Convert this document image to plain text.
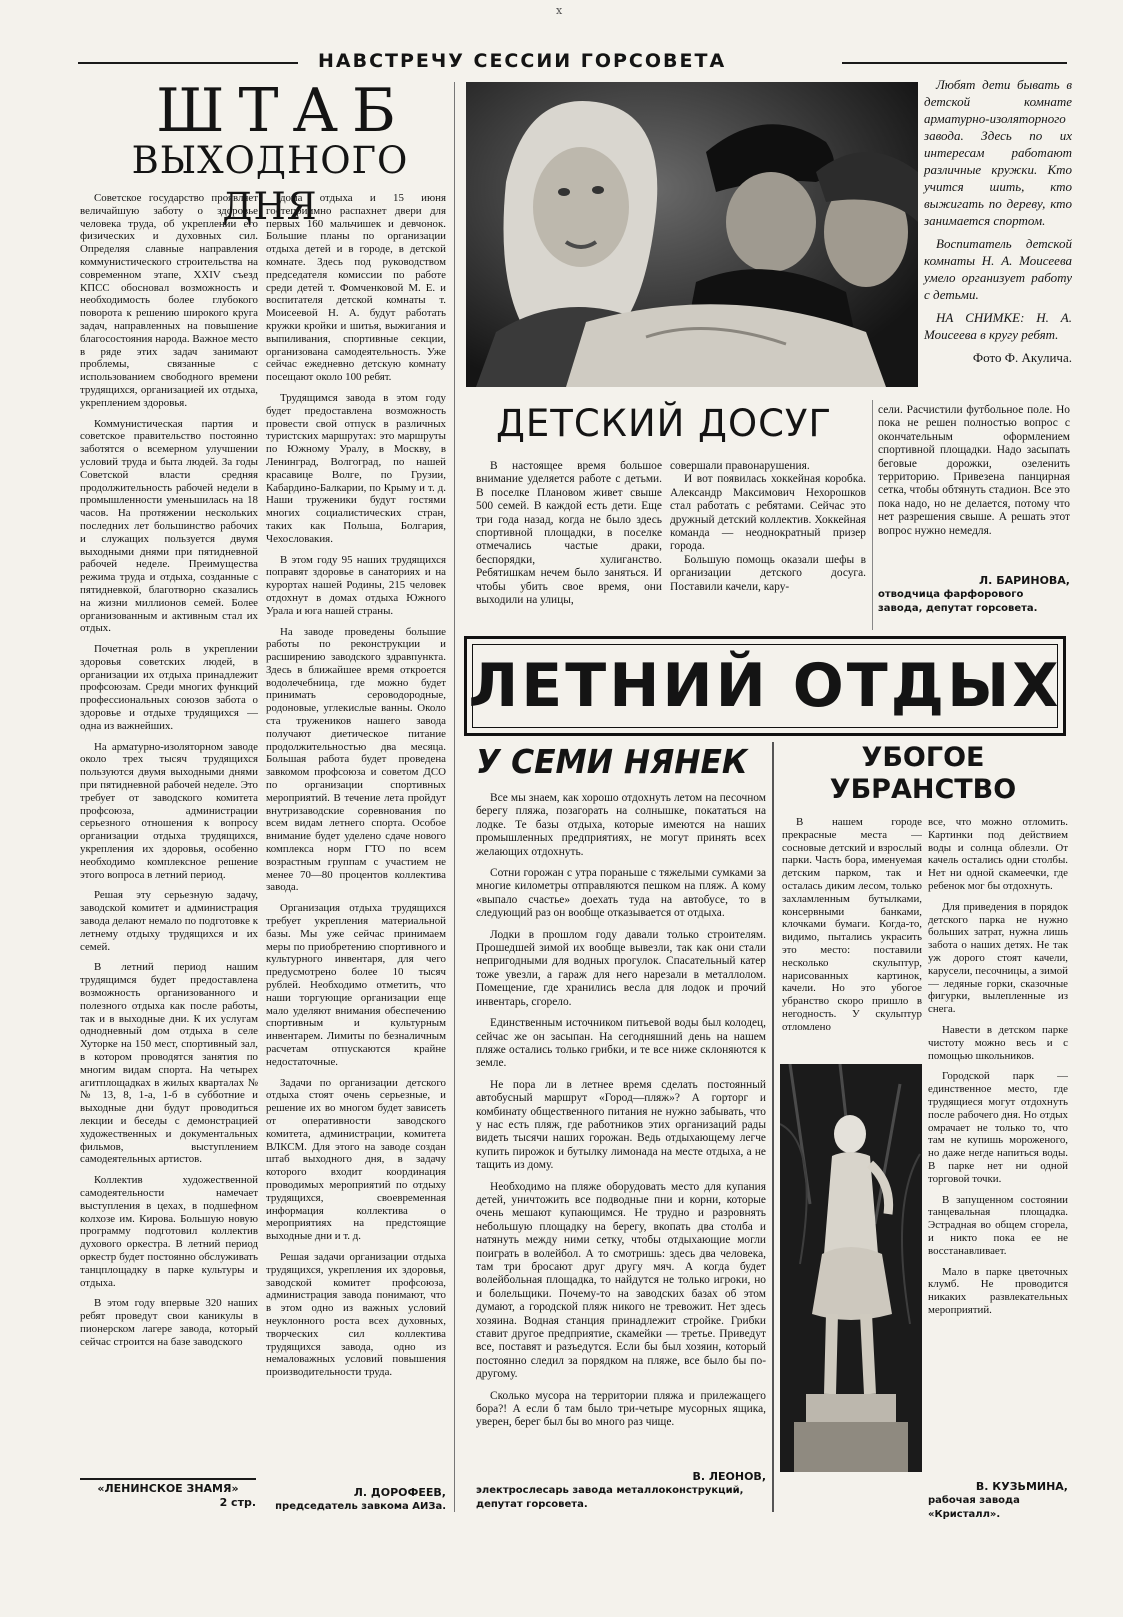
х
НАВСТРЕЧУ СЕССИИ ГОРСОВЕТА
ШТАБ
ВЫХОДНОГО ДНЯ

Советское государство проявляет величайшую заботу о здоровье человека труда, об укреплении его физических и духовных сил. Определяя славные направления коммунистического строительства на современном этапе, XXIV съезд КПСС обосновал возможность и необходимость более глубокого поворота к решению широкого круга задач, направленных на повышение благосостояния народа. Важное место в ряде этих задач занимают проблемы, связанные с использованием свободного времени трудящихся, организацией их отдыха, укреплением здоровья.

Коммунистическая партия и советское правительство постоянно заботятся о всемерном улучшении условий труда и быта людей. За годы Советской власти средняя продолжительность рабочей недели в промышленности уменьшилась на 18 часов. На протяжении нескольких последних лет большинство рабочих и служащих пользуется двумя выходными днями при пятидневной рабочей неделе. Преимущества режима труда и отдыха, созданные с пятидневкой, благотворно сказались на жизни миллионов семей. Более организованным и активным стал их отдых.

Почетная роль в укреплении здоровья советских людей, в организации их отдыха принадлежит профсоюзам. Среди многих функций профессиональных союзов забота о здоровье и отдыхе трудящихся — одна из важнейших.

На арматурно-изоляторном заводе около трех тысяч трудящихся пользуются двумя выходными днями при пятидневной рабочей неделе. Это требует от заводского комитета профсоюза, администрации серьезного отношения к вопросу организации отдыха трудящихся, укрепления их здоровья, особенно необходимо комплексное решение этого вопроса в летний период.

Решая эту серьезную задачу, заводской комитет и администрация завода делают немало по подготовке к летнему отдыху трудящихся и их семей.

В летний период нашим трудящимся будет предоставлена возможность организованного и полезного отдыха как после работы, так и в выходные дни. К их услугам однодневный дом отдыха в селе Хуторке на 150 мест, спортивный зал, в котором проводятся занятия по многим видам спорта. На четырех агитплощадках в жилых кварталах №№ 13, 8, 1-а, 1-б в субботние и выходные дни будут проводиться лекции и беседы с демонстрацией художественных и документальных фильмов, выступлением самодеятельных артистов.

Коллектив художественной самодеятельности намечает выступления в цехах, в подшефном колхозе им. Кирова. Большую новую программу подготовил коллектив духового оркестра. В летний период оркестр будет постоянно обслуживать танцплощадку в парке культуры и отдыха.

В этом году впервые 320 наших ребят проведут свои каникулы в пионерском лагере завода, который сейчас строится на базе заводского

дома отдыха и 15 июня гостеприимно распахнет двери для первых 160 мальчишек и девчонок. Большие планы по организации отдыха детей и в городе, в детской комнате. Здесь под руководством председателя комиссии по работе среди детей т. Фомченковой М. Е. и воспитателя детской комнаты т. Моисеевой Н. А. будут работать кружки кройки и шитья, выжигания и выпиливания, спортивные секции, организована самодеятельность. Уже сейчас ежедневно детскую комнату посещают около 100 ребят.

Трудящимся завода в этом году будет предоставлена возможность провести свой отпуск в различных туристских маршрутах: это маршруты по Южному Уралу, в Москву, в Ленинград, Волгоград, по нашей красавице Волге, по Грузии, Кабардино-Балкарии, по Крыму и т. д. Наши труженики будут гостями многих социалистических стран, таких как Польша, Болгария, Чехословакия.

В этом году 95 наших трудящихся поправят здоровье в санаториях и на курортах нашей Родины, 215 человек отдохнут в домах отдыха Южного Урала и юга нашей страны.

На заводе проведены большие работы по реконструкции и расширению заводского здравпункта. Здесь в ближайшее время откроется водолечебница, где можно будет принимать сероводородные, родоновые, углекислые ванны. Около ста тружеников нашего завода получают диетическое питание продолжительностью два месяца. Большая работа будет проведена завкомом профсоюза и советом ДСО по организации спортивных мероприятий. В течение лета пройдут внутризаводские соревнования по всем видам летнего спорта. Особое внимание будет уделено сдаче нового комплекса норм ГТО по всем возрастным группам с участием не менее 70—80 процентов коллектива завода.

Организация отдыха трудящихся требует укрепления материальной базы. Мы уже сейчас принимаем меры по приобретению спортивного и культурного инвентаря, для чего предусмотрено более 10 тысяч рублей. Необходимо отметить, что наши торгующие организации еще мало уделяют внимания обеспечению спортивным и культурным инвентарем. Лимиты по безналичным расчетам отпускаются крайне недостаточные.

Задачи по организации детского отдыха стоят очень серьезные, и решение их во многом будет зависеть от оперативности заводского комитета, администрации, комитета ВЛКСМ. Для этого на заводе создан штаб выходного дня, в задачу которого входит координация проводимых мероприятий по отдыху трудящихся, своевременная информация коллектива о мероприятиях на предстоящие выходные дни и т. д.

Решая задачи организации отдыха трудящихся, укрепления их здоровья, заводской комитет профсоюза, администрация завода понимают, что в этом одно из важных условий неуклонного роста всех духовных, творческих сил коллектива трудящихся завода, одно из немаловажных условий повышения производительности труда.

«ЛЕНИНСКОЕ ЗНАМЯ»
2 стр.
Л. ДОРОФЕЕВ,
председатель завкома АИЗа.

Любят дети бывать в детской комнате арматурно-изоляторного завода. Здесь по их интересам работают различные кружки. Кто учится шить, кто выжигать по дереву, кто занимается спортом.

Воспитатель детской комнаты Н. А. Моисеева умело организует работу с детьми.

НА СНИМКЕ: Н. А. Моисеева в кругу ребят.

Фото Ф. Акулича.
ДЕТСКИЙ ДОСУГ

В настоящее время большое внимание уделяется работе с детьми. В поселке Плановом живет свыше 500 семей. В каждой есть дети. Еще три года назад, когда не было здесь спортивной площадки, в поселке отмечались частые драки, беспорядки, хулиганство. Ребятишкам нечем было заняться. И чтобы убить свое время, они выходили на улицы,

совершали правонарушения.

И вот появилась хоккейная коробка. Александр Максимович Нехорошков стал работать с ребятами. Сейчас это дружный детский коллектив. Хоккейная команда — неоднократный призер города.

Большую помощь оказали шефы в организации детского досуга. Поставили качели, кару-

сели. Расчистили футбольное поле. Но пока не решен полностью вопрос с окончательным оформлением спортивной площадки. Надо засыпать беговые дорожки, озеленить территорию. Привезена панцирная сетка, чтобы обтянуть стадион. Все это пока надо, но не делается, потому что нет разрешения свыше. А решать этот вопрос нужно немедля.

Л. БАРИНОВА,
отводчица фарфорового завода, депутат горсовета.
ЛЕТНИЙ ОТДЫХ
У СЕМИ НЯНЕК

Все мы знаем, как хорошо отдохнуть летом на песочном берегу пляжа, позагорать на солнышке, покататься на лодке. Те базы отдыха, которые имеются на наших промышленных предприятиях, не могут принять всех желающих отдохнуть.

Сотни горожан с утра пораньше с тяжелыми сумками за многие километры отправляются пешком на пляж. А кому «выпало счастье» доехать туда на автобусе, то в следующий раз он вообще отказывается от отдыха.

Лодки в прошлом году давали только строителям. Прошедшей зимой их вообще вывезли, так как они стали непригодными для водных прогулок. Спасательный катер тоже увезли, а гараж для него нарезали в металлолом. Помещение, где хранились весла для лодок и прочий инвентарь, сгорело.

Единственным источником питьевой воды был колодец, сейчас же он засыпан. На сегодняшний день на нашем пляже остались только грибки, и те все ниже склоняются к земле.

Не пора ли в летнее время сделать постоянный автобусный маршрут «Город—пляж»? А горторг и комбинату общественного питания не нужно забывать, что у нас есть пляж, где работников этих организаций рады видеть тысячи наших горожан. Ведь отдыхающему легче купить пирожок и бутылку лимонада на месте отдыха, а не тащить из дому.

Необходимо на пляже оборудовать место для купания детей, уничтожить все подводные пни и корни, которые очень мешают купающимся. Не трудно и разровнять небольшую площадку на берегу, вкопать два столба и натянуть между ними сетку, чтобы отдыхающие могли поиграть в волейбол. А то смотришь: здесь два человека, там три бросают друг другу мяч. А когда будет волейбольная площадка, то найдутся не только игроки, но и болельщики. Почему-то на заводских базах об этом думают, а городской пляж никого не тревожит. Нет здесь хозяина. Водная станция принадлежит стройке. Грибки ставит другое предприятие, скамейки — третье. Приведут все, поставят и разъедутся. Если бы был хозяин, который постоянно следил за порядком на пляже, все было бы по-другому.

Сколько мусора на территории пляжа и прилежащего бора?! А если б там было три-четыре мусорных ящика, уверен, берег был бы во много раз чище.

В. ЛЕОНОВ,
электрослесарь завода металлоконструкций, депутат горсовета.
УБОГОЕ
УБРАНСТВО

В нашем городе прекрасные места — сосновые детский и взрослый парки. Часть бора, именуемая детским парком, так и осталась диким лесом, только захламленным бутылками, консервными банками, клочками бумаги. Когда-то, видимо, пытались украсить это место: поставили несколько скульптур, нарисованных картинок, качели. Но это убогое убранство скоро пришло в негодность. У скульптур отломлено

все, что можно отломить. Картинки под действием воды и солнца облезли. От качель остались одни столбы. Нет ни одной скамеечки, где ребенок мог бы отдохнуть.

Для приведения в порядок детского парка не нужно больших затрат, нужна лишь забота о наших детях. Не так уж дорого стоят качели, карусели, песочницы, а зимой — ледяные горки, сказочные фигурки, вылепленные из снега.

Навести в детском парке чистоту можно весь и с помощью школьников.

Городской парк — единственное место, где трудящиеся могут отдохнуть после рабочего дня. Но отдых омрачает не только то, что там не купишь мороженого, но даже негде напиться воды. В парке нет ни одной торговой точки.

В запущенном состоянии танцевальная площадка. Эстрадная во общем сгорела, и никто пока ее не восстанавливает.

Мало в парке цветочных клумб. Не проводится никаких развлекательных мероприятий.

В. КУЗЬМИНА,
рабочая завода «Кристалл».
